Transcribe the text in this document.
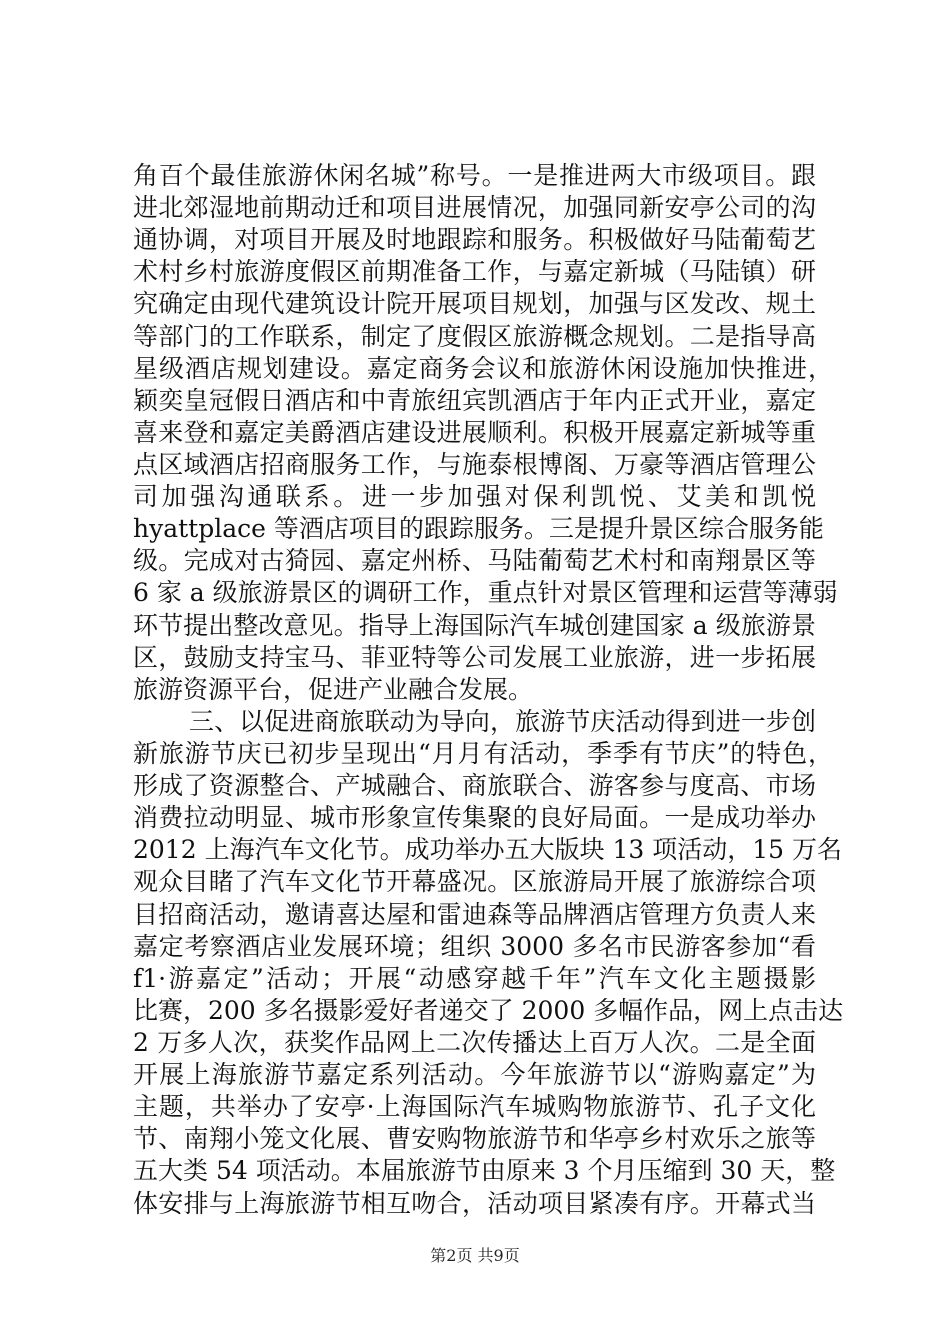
角百个最佳旅游休闲名城”称号。一是推进两大市级项目。跟
进北郊湿地前期动迁和项目进展情况，加强同新安亭公司的沟
通协调，对项目开展及时地跟踪和服务。积极做好马陆葡萄艺
术村乡村旅游度假区前期准备工作，与嘉定新城（马陆镇）研
究确定由现代建筑设计院开展项目规划，加强与区发改、规土
等部门的工作联系，制定了度假区旅游概念规划。二是指导高
星级酒店规划建设。嘉定商务会议和旅游休闲设施加快推进，
颖奕皇冠假日酒店和中青旅纽宾凯酒店于年内正式开业，嘉定
喜来登和嘉定美爵酒店建设进展顺利。积极开展嘉定新城等重
点区域酒店招商服务工作，与施泰根博阁、万豪等酒店管理公
司加强沟通联系。进一步加强对保利凯悦、艾美和凯悦
hyattplace 等酒店项目的跟踪服务。三是提升景区综合服务能
级。完成对古猗园、嘉定州桥、马陆葡萄艺术村和南翔景区等
6 家 a 级旅游景区的调研工作，重点针对景区管理和运营等薄弱
环节提出整改意见。指导上海国际汽车城创建国家 a 级旅游景
区，鼓励支持宝马、菲亚特等公司发展工业旅游，进一步拓展
旅游资源平台，促进产业融合发展。
三、以促进商旅联动为导向，旅游节庆活动得到进一步创
新旅游节庆已初步呈现出“月月有活动，季季有节庆”的特色，
形成了资源整合、产城融合、商旅联合、游客参与度高、市场
消费拉动明显、城市形象宣传集聚的良好局面。一是成功举办
2012 上海汽车文化节。成功举办五大版块 13 项活动，15 万名
观众目睹了汽车文化节开幕盛况。区旅游局开展了旅游综合项
目招商活动，邀请喜达屋和雷迪森等品牌酒店管理方负责人来
嘉定考察酒店业发展环境；组织 3000 多名市民游客参加“看
f1·游嘉定”活动；开展“动感穿越千年”汽车文化主题摄影
比赛，200 多名摄影爱好者递交了 2000 多幅作品，网上点击达
2 万多人次，获奖作品网上二次传播达上百万人次。二是全面
开展上海旅游节嘉定系列活动。今年旅游节以“游购嘉定”为
主题，共举办了安亭·上海国际汽车城购物旅游节、孔子文化
节、南翔小笼文化展、曹安购物旅游节和华亭乡村欢乐之旅等
五大类 54 项活动。本届旅游节由原来 3 个月压缩到 30 天，整
体安排与上海旅游节相互吻合，活动项目紧凑有序。开幕式当
第2页 共9页
